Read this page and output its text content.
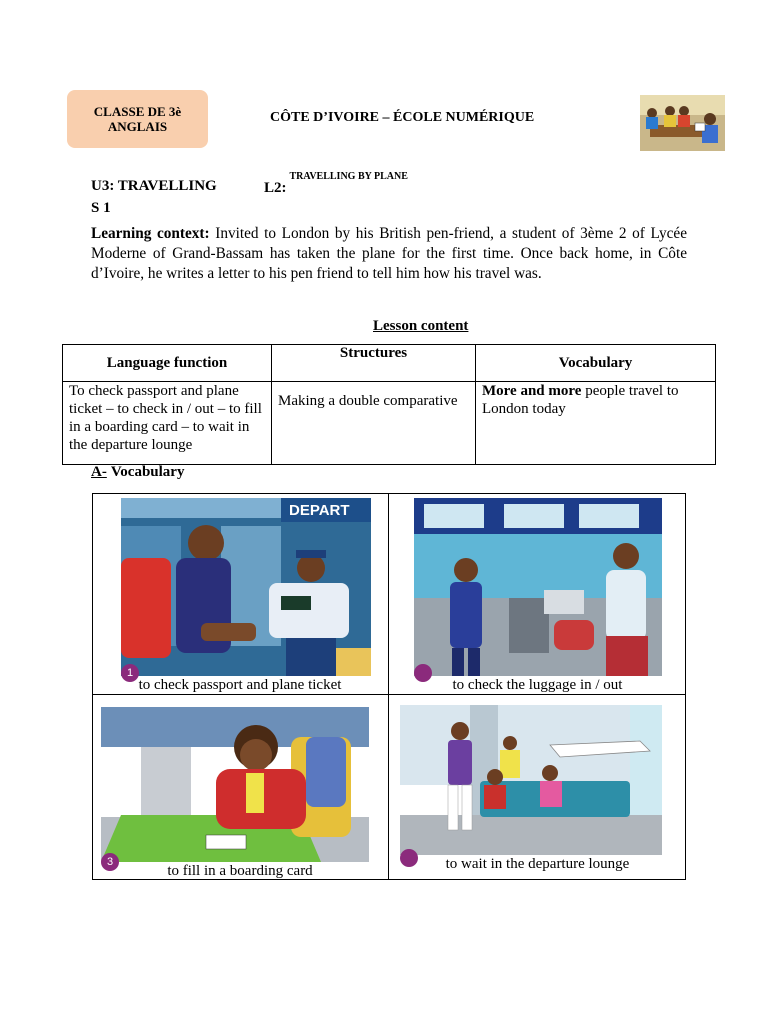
CLASSE DE 3è
ANGLAIS
CÔTE D’IVOIRE – ÉCOLE NUMÉRIQUE
U3: TRAVELLING	L2:$^{TRAVELLING BY PLANE}$
S 1
Learning context: Invited to London by his British pen-friend, a student of 3ème 2 of Lycée Moderne of Grand-Bassam has taken the plane for the first time. Once back home, in Côte d’Ivoire, he writes a letter to his pen friend to tell him how his travel was.
Lesson content
Language function	Structures	Vocabulary
To check passport and plane ticket – to check in / out – to fill in a boarding card – to wait in the departure lounge	Making a double comparative	More and more people travel to London today
A- Vocabulary
DEPART
1
to check passport and plane ticket	to check the luggage in / out
3
to fill in a boarding card	to wait in the departure lounge
